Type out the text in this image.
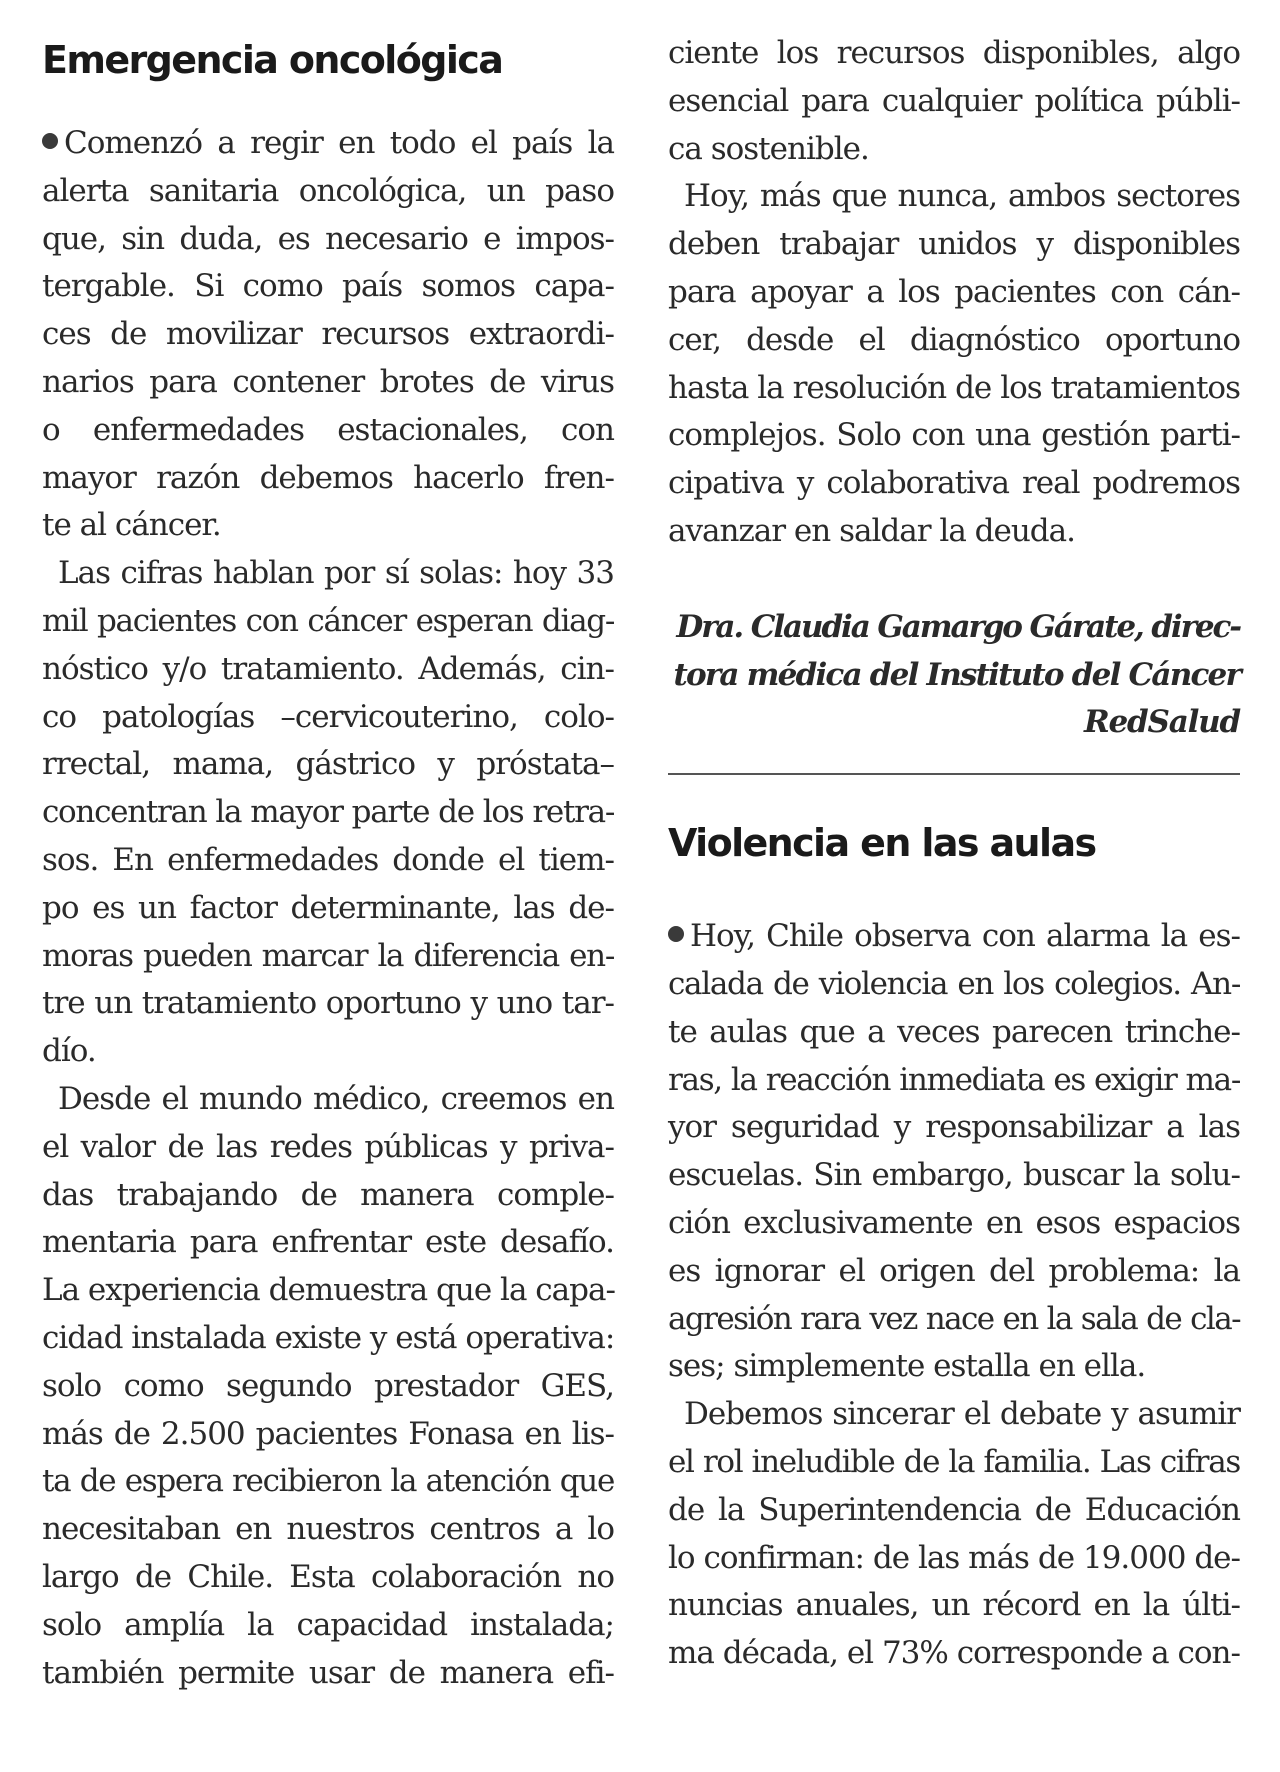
Emergencia oncológica
Comenzó a regir en todo el país la
alerta sanitaria oncológica, un paso
que, sin duda, es necesario e impos-
tergable. Si como país somos capa-
ces de movilizar recursos extraordi-
narios para contener brotes de virus
o enfermedades estacionales, con
mayor razón debemos hacerlo fren-
te al cáncer.
Las cifras hablan por sí solas: hoy 33
mil pacientes con cáncer esperan diag-
nóstico y/o tratamiento. Además, cin-
co patologías –cervicouterino, colo-
rrectal, mama, gástrico y próstata–
concentran la mayor parte de los retra-
sos. En enfermedades donde el tiem-
po es un factor determinante, las de-
moras pueden marcar la diferencia en-
tre un tratamiento oportuno y uno tar-
dío.
Desde el mundo médico, creemos en
el valor de las redes públicas y priva-
das trabajando de manera comple-
mentaria para enfrentar este desafío.
La experiencia demuestra que la capa-
cidad instalada existe y está operativa:
solo como segundo prestador GES,
más de 2.500 pacientes Fonasa en lis-
ta de espera recibieron la atención que
necesitaban en nuestros centros a lo
largo de Chile. Esta colaboración no
solo amplía la capacidad instalada;
también permite usar de manera efi-
ciente los recursos disponibles, algo
esencial para cualquier política públi-
ca sostenible.
Hoy, más que nunca, ambos sectores
deben trabajar unidos y disponibles
para apoyar a los pacientes con cán-
cer, desde el diagnóstico oportuno
hasta la resolución de los tratamientos
complejos. Solo con una gestión parti-
cipativa y colaborativa real podremos
avanzar en saldar la deuda.
Dra. Claudia Gamargo Gárate, direc-
tora médica del Instituto del Cáncer
RedSalud
Violencia en las aulas
Hoy, Chile observa con alarma la es-
calada de violencia en los colegios. An-
te aulas que a veces parecen trinche-
ras, la reacción inmediata es exigir ma-
yor seguridad y responsabilizar a las
escuelas. Sin embargo, buscar la solu-
ción exclusivamente en esos espacios
es ignorar el origen del problema: la
agresión rara vez nace en la sala de cla-
ses; simplemente estalla en ella.
Debemos sincerar el debate y asumir
el rol ineludible de la familia. Las cifras
de la Superintendencia de Educación
lo confirman: de las más de 19.000 de-
nuncias anuales, un récord en la últi-
ma década, el 73% corresponde a con-
